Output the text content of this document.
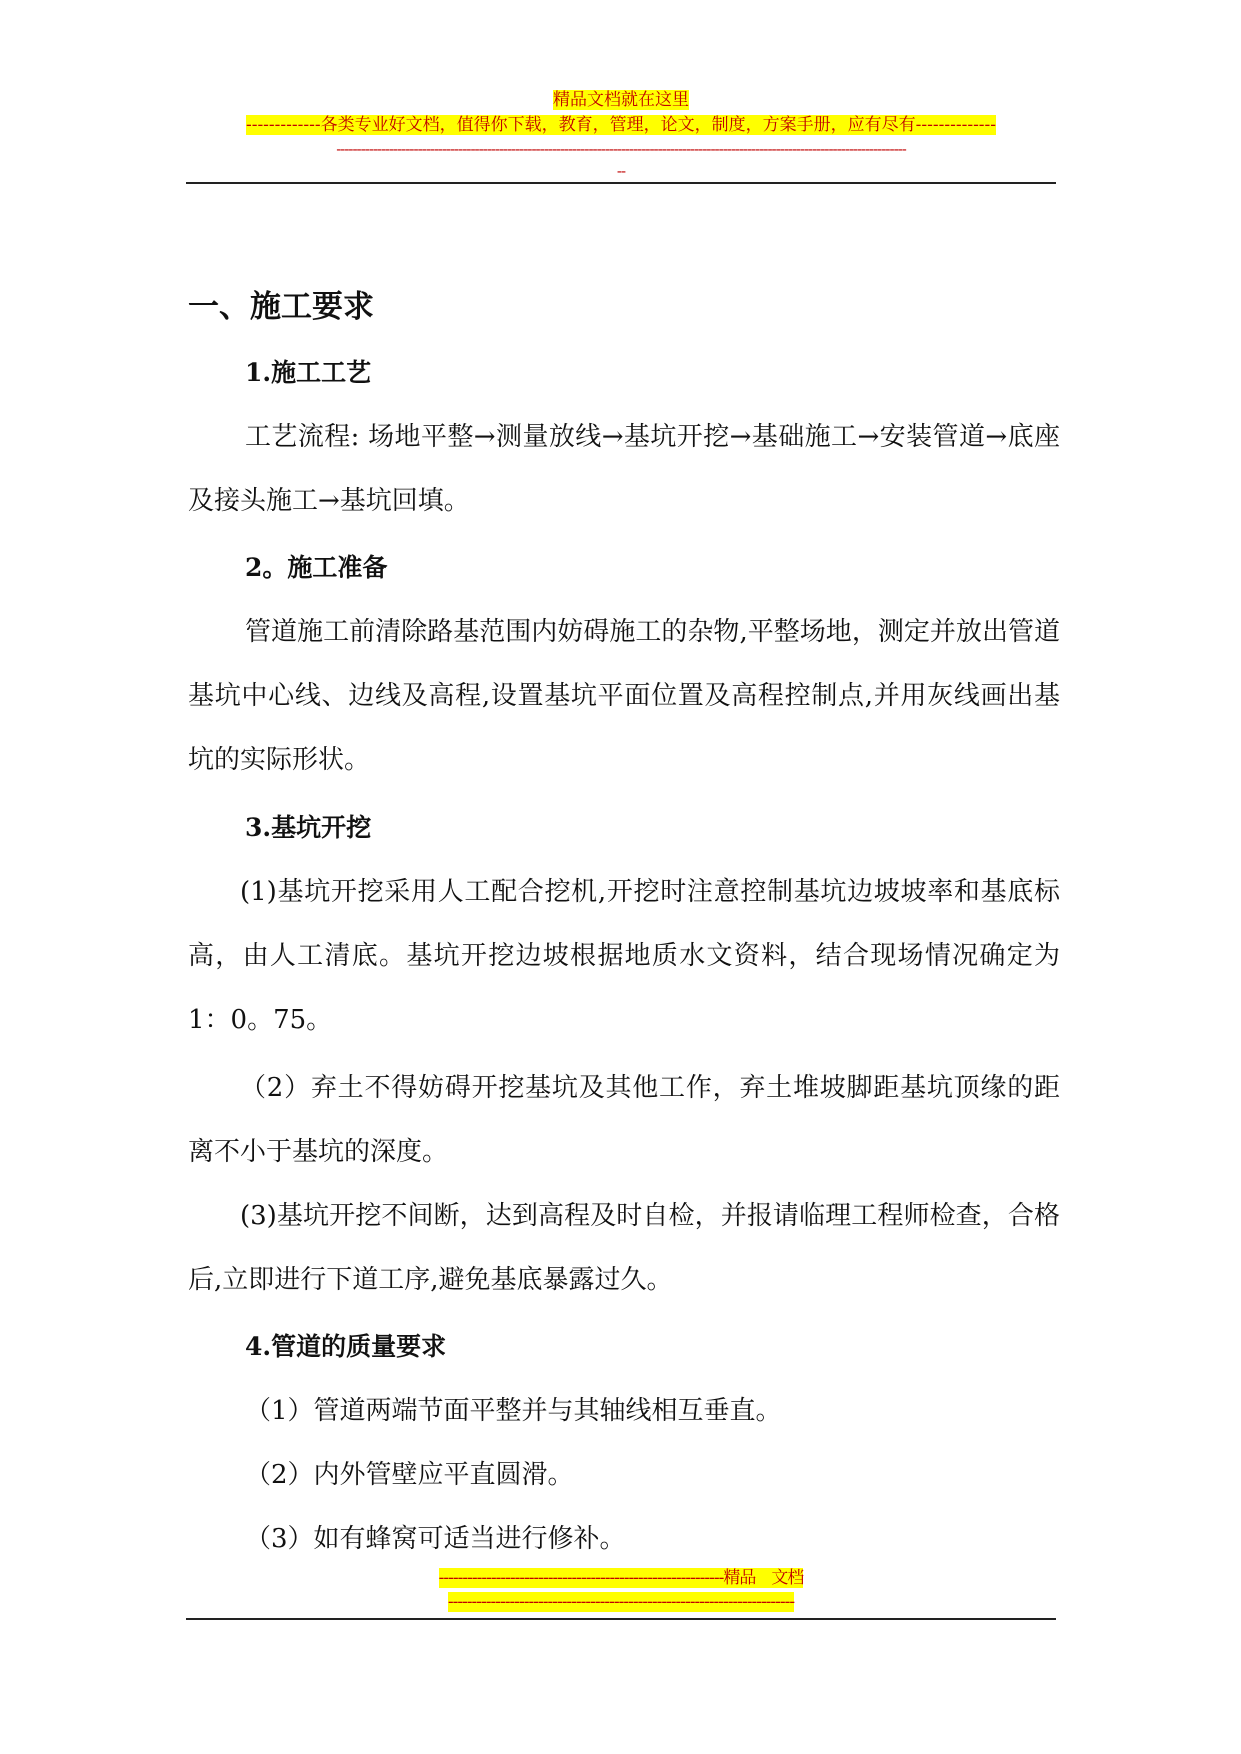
精品文档就在这里
-------------各类专业好文档，值得你下载，教育，管理，论文，制度，方案手册，应有尽有--------------
--------------------------------------------------------------------------------------------------------------------------------------------
--
一、施工要求
1.施工工艺
工艺流程: 场地平整→测量放线→基坑开挖→基础施工→安装管道→底座及接头施工→基坑回填。
2。施工准备
管道施工前清除路基范围内妨碍施工的杂物,平整场地，测定并放出管道基坑中心线、边线及高程,设置基坑平面位置及高程控制点,并用灰线画出基坑的实际形状。
3.基坑开挖
(1)基坑开挖采用人工配合挖机,开挖时注意控制基坑边坡坡率和基底标高，由人工清底。基坑开挖边坡根据地质水文资料，结合现场情况确定为1：0。75。
（2）弃土不得妨碍开挖基坑及其他工作，弃土堆坡脚距基坑顶缘的距离不小于基坑的深度。
(3)基坑开挖不间断，达到高程及时自检，并报请临理工程师检查，合格后,立即进行下道工序,避免基底暴露过久。
4.管道的质量要求
（1）管道两端节面平整并与其轴线相互垂直。
（2）内外管壁应平直圆滑。
（3）如有蜂窝可适当进行修补。
------------------------------------------------------------精品　文档
-------------------------------------------------------------------------
